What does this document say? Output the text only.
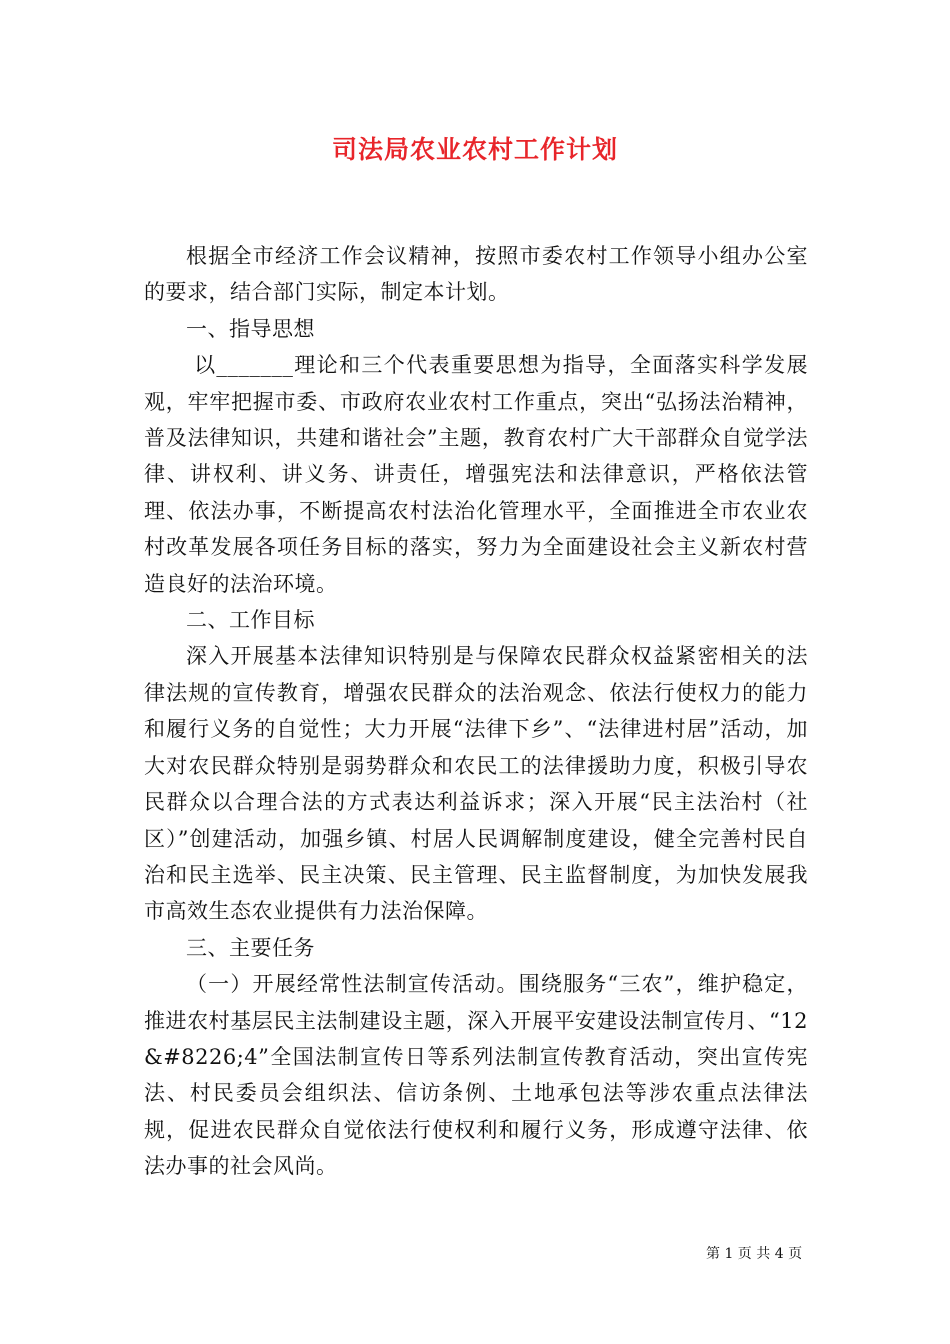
司法局农业农村工作计划

根据全市经济工作会议精神，按照市委农村工作领导小组办公室的要求，结合部门实际，制定本计划。

一、指导思想

以_______理论和三个代表重要思想为指导，全面落实科学发展观，牢牢把握市委、市政府农业农村工作重点，突出“弘扬法治精神，普及法律知识，共建和谐社会”主题，教育农村广大干部群众自觉学法律、讲权利、讲义务、讲责任，增强宪法和法律意识，严格依法管理、依法办事，不断提高农村法治化管理水平，全面推进全市农业农村改革发展各项任务目标的落实，努力为全面建设社会主义新农村营造良好的法治环境。

二、工作目标

深入开展基本法律知识特别是与保障农民群众权益紧密相关的法律法规的宣传教育，增强农民群众的法治观念、依法行使权力的能力和履行义务的自觉性；大力开展“法律下乡”、“法律进村居”活动，加大对农民群众特别是弱势群众和农民工的法律援助力度，积极引导农民群众以合理合法的方式表达利益诉求；深入开展“民主法治村（社区）”创建活动，加强乡镇、村居人民调解制度建设，健全完善村民自治和民主选举、民主决策、民主管理、民主监督制度，为加快发展我市高效生态农业提供有力法治保障。

三、主要任务

（一）开展经常性法制宣传活动。围绕服务“三农”，维护稳定，推进农村基层民主法制建设主题，深入开展平安建设法制宣传月、“12&#8226;4”全国法制宣传日等系列法制宣传教育活动，突出宣传宪法、村民委员会组织法、信访条例、土地承包法等涉农重点法律法规，促进农民群众自觉依法行使权利和履行义务，形成遵守法律、依法办事的社会风尚。

第 1 页 共 4 页
